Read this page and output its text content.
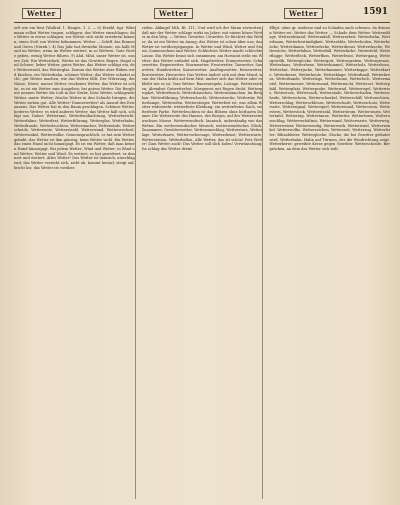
Wetter	Wetter	Wetter	1591

erlt wie ein Rest (Wallraf. 1. Haupts. 1. 2. — 6) Erzähl. tigt. Wikemann selbst Wetter tragen, schlagen; das Wetter einschlagen; das Wetter in etwas schlagen; vor Wetter sich nicht erwehren können, einen Stoß von Wetter bekommen. Wetter — Schiff, das Rinnen und Gutes (Nürnb.). 4) Das Jahr hat dreizehn Monate, ein halb Mond im Wetter; wenn im Wetter wettert, in so Wettern. Gute Worte geben, wenig Wetter führen. 9) Ahd. Mhd. unser Wetter ist, unsere Zeit; Ein Wetterdach. Wetter ist das Gewitter, Regen, Hagel und Schnee; lieber Wetter, gutes Wetter, das Wetter schlägt ein, der Wetterstrahl, das Wetterglas. Darum das Wetter aber Rüben wird Kirchen, ein Wetterhahn, schöner Wetter; das Wetter schadet nicht; gut Wetter machen; wie das Wetter fällt. Der Witterung, die Nässe, Dürre; nasses Wetter, trockenes Wetter, das Wetter ist schön, es ist ein Wetter zum Ausgehen; bei gutem Wetter. Die Bergleute nennen Wetter die Luft in der Grube, böse Wetter, schlagende Wetter, matte Wetter; frische Wetter in den Schacht bringen, die Wetter ziehen gut. Alle Wetter! Donnerwetter! als Ausruf des Erstaunens. Das Wetter hat in den Baum geschlagen. Schönes Wetter, heiteres Wetter; es wird anderes Wetter; das Wetter hält sich, schlägt um. Daher: Wetteramt, Wetterbeobachtung, Wetterbericht, Wetterfahne, Wetterfest, Wetterführung, Wetterglas, Wetterhahn, Wetterkunde, Wetterleuchten, Wettermacher, Wettersäule, Wetterscheide, Wetterseite, Wetterstrahl, Wetterwand, Wetterwechsel, Wetterwinkel, Wetterwolke. Gemeinsprachlich: er hat sein Wetter gehabt; das Wetter ist ihm günstig; beim Wetter wohl. Ein Wetter, das einen Hund nicht hinausjagt. Es ist ein Wetter, daß man keinen Hund hinausjagt. Bei jedem Wetter; Wind und Wetter; in Wind und Wetter; Wetter und Wind. Es wettert; es hat gewettert; es donnert und wettert. Altes Wetter! Das Wetter ist launisch, umschlagend; das Wetter verzieht sich, zieht ab, kommt herauf, steigt auf, bricht los; das Wetter ist vorüber.

vielen. Abkugel Mth. Bt. 111; Und wird ich der Mann verworten, daß mir der Wetter schlage wirkt im Jahre; mit einem bösen Wetter in den Weg. — Wetter, Gewitter, Unwetter. Er fürchtet das Wetter; da ist ein Wetter im Anzug; das Wetter ist schon über uns; das Wetter ist vorübergegangen. In Wetter und Wind, Wetter und Sturm; Sonnenschein und Wetter. Schlechtes Wetter macht schlechte Laune. Ein Wetter braut sich zusammen; am Horizont steht ein Wetter; das Wetter entladet sich. Hagelwetter, Donnerwetter, Schneewetter, Regenwetter, Sturmwetter, Frostwetter, Tauwetter, Sauwetter, Hundewetter, Kaiserwetter, Ausflugswetter, Reisewetter, Erntewetter, Heuwetter. Das Wetter ändert sich mit dem Mond; wenn der Hahn kräht auf dem Mist, ändert sich das Wetter oder es bleibt wie es ist. Vom Wetter: Bauernregeln, Lostage, Wetterzeichen; Abendrot Gutwetterbot, Morgenrot mit Regen droht. Wetterprophet, Wetterfrosch, Wetterhäuschen, Wettermännchen. Im Bergbau: Wetterführung, Wetterschacht, Wetterstrecke, Wettertür, Wetterlampe, Wetterofen, Wettersteiger. Wetterfest ist, was allem Wetter widersteht: wetterfeste Kleidung, ein wetterfestes Dach, wetterfeste Farbe. Wetterleuchten ist das Blitzen ohne hörbaren Donner. Die Wetterseite des Hauses, des Berges; auf der Wetterseite wachsen Moose. Wetterwendisch: launisch, unbeständig wie das Wetter. Ein wetterwendischer Mensch; wetterwendisches Glück. Zusammen: Gewitterwetter, Wetterumschlag, Wettersturz, Wetterlage, Wetterkarte, Wettervorhersage, Wetterdienst, Wetterwarte, Wetterstation, Wetterballon. Alle Wetter, das ist schön! Potz Wetter! Zum Wetter auch! Das Wetter soll dich holen! Verwünschung. Da schlag das Wetter drein!

Ellipt. ohne gr. uselesse und zu Schaden auch schwarz, da drinnen Wetter sei. Wetter das Wetter. — Schade dem Wetter. Wetterablage, Wetterabstand, Wetteranfall, Wetterarbeit, Wetterbahn, Wetterbaum, Wetterbeständigkeit, Wetterblitz, Wetterboden, Wetterbrücke, Wetterdamm, Wetterdecke, Wetterdienst, Wetterdrache, Wettereiche, Wetterfahne, Wetterfall, Wetterfarbe, Wetterfeld, Wetterflagge, Wetterfleck, Wetterfluss, Wetterfront, Wettergang, Wettergewölk, Wetterglocke, Wettergott, Wettergraben, Wettergrenze, Wetterhaus, Wetterhexe, Wetterhimmel, Wetterholz, Wetterhorn, Wetterhut, Wetterjacke, Wetterkammer, Wetterkappe, Wetterkarte, Wetterkerze, Wetterkeule, Wetterklage, Wetterknall, Wetterkreuz, Wetterkunde, Wetterlage, Wetterlaune, Wetterloch, Wettermantel, Wettermesser, Wettermond, Wetternacht, Wetterort, Wetterpfahl, Wetterplatz, Wetterprobe, Wetterrad, Wetterregel, Wetterriss, Wetterrose, Wettersack, Wettersäule, Wetterschaden, Wetterscheide, Wetterschein, Wetterschenkel, Wetterschiff, Wetterschirm, Wetterschlag, Wetterschleuse, Wetterschnitt, Wetterschutz, Wetterseite, Wettersignal, Wetterspiel, Wetterstand, Wetterstein, Wetterstern, Wetterstock, Wetterstrahl, Wetterstrom, Wettersturm, Wettertafel, Wettertag, Wettertanne, Wettertür, Wetterturm, Wetterumschlag, Wetterverhältnis, Wetterwand, Wetterwarte, Wetterweg, Wetterweiser, Wetterwendig, Wetterwerk, Wetterwind, Wetterwinkel, Wetterwolke, Wetterzeichen, Wetterzeit, Wetterzug. Wetterleiter: Blitzableiter. Wetterglocke: Glocke, die bei Gewitter geläutet wird. Wetterhahn: Hahn auf Türmen, der die Windrichtung zeigt. Wetterkerze: geweihte Kerze gegen Gewitter. Wetterscheide: Bergrücken, an dem das Wetter sich teilt.
